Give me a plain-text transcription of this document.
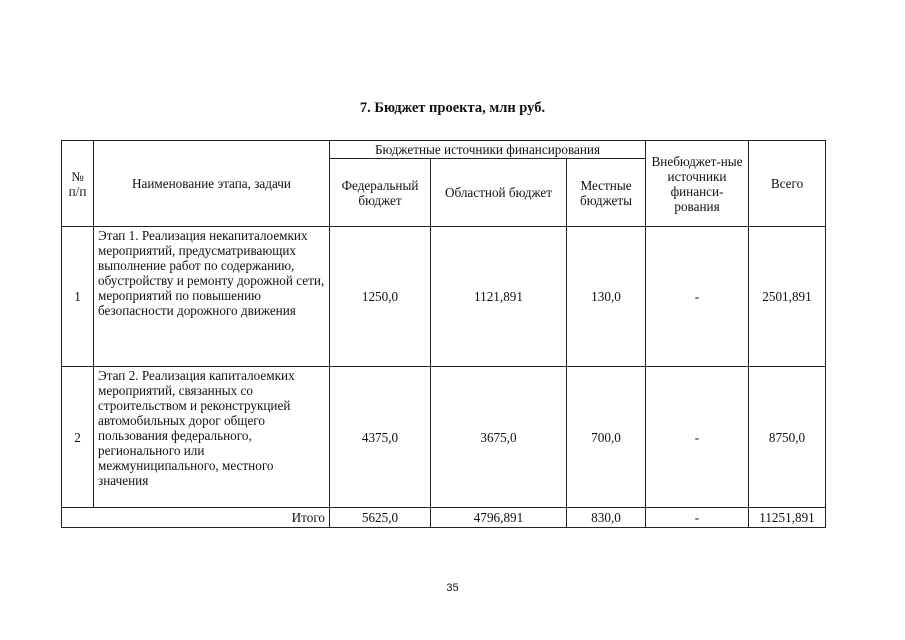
7. Бюджет проекта, млн руб.
№ п/п	Наименование этапа, задачи	Бюджетные источники финансирования			Внебюджет-ные источники финанси-рования	Всего
		Федеральный бюджет	Областной бюджет	Местные бюджеты		
1	Этап 1. Реализация некапиталоемких мероприятий, предусматривающих выполнение работ по содержанию, обустройству и ремонту дорожной сети, мероприятий по повышению безопасности дорожного движения	1250,0	1121,891	130,0	-	2501,891
2	Этап 2. Реализация капиталоемких мероприятий, связанных со строительством и реконструкцией автомобильных дорог общего пользования федерального, регионального или межмуниципального, местного значения	4375,0	3675,0	700,0	-	8750,0
Итого		5625,0	4796,891	830,0	-	11251,891
35
